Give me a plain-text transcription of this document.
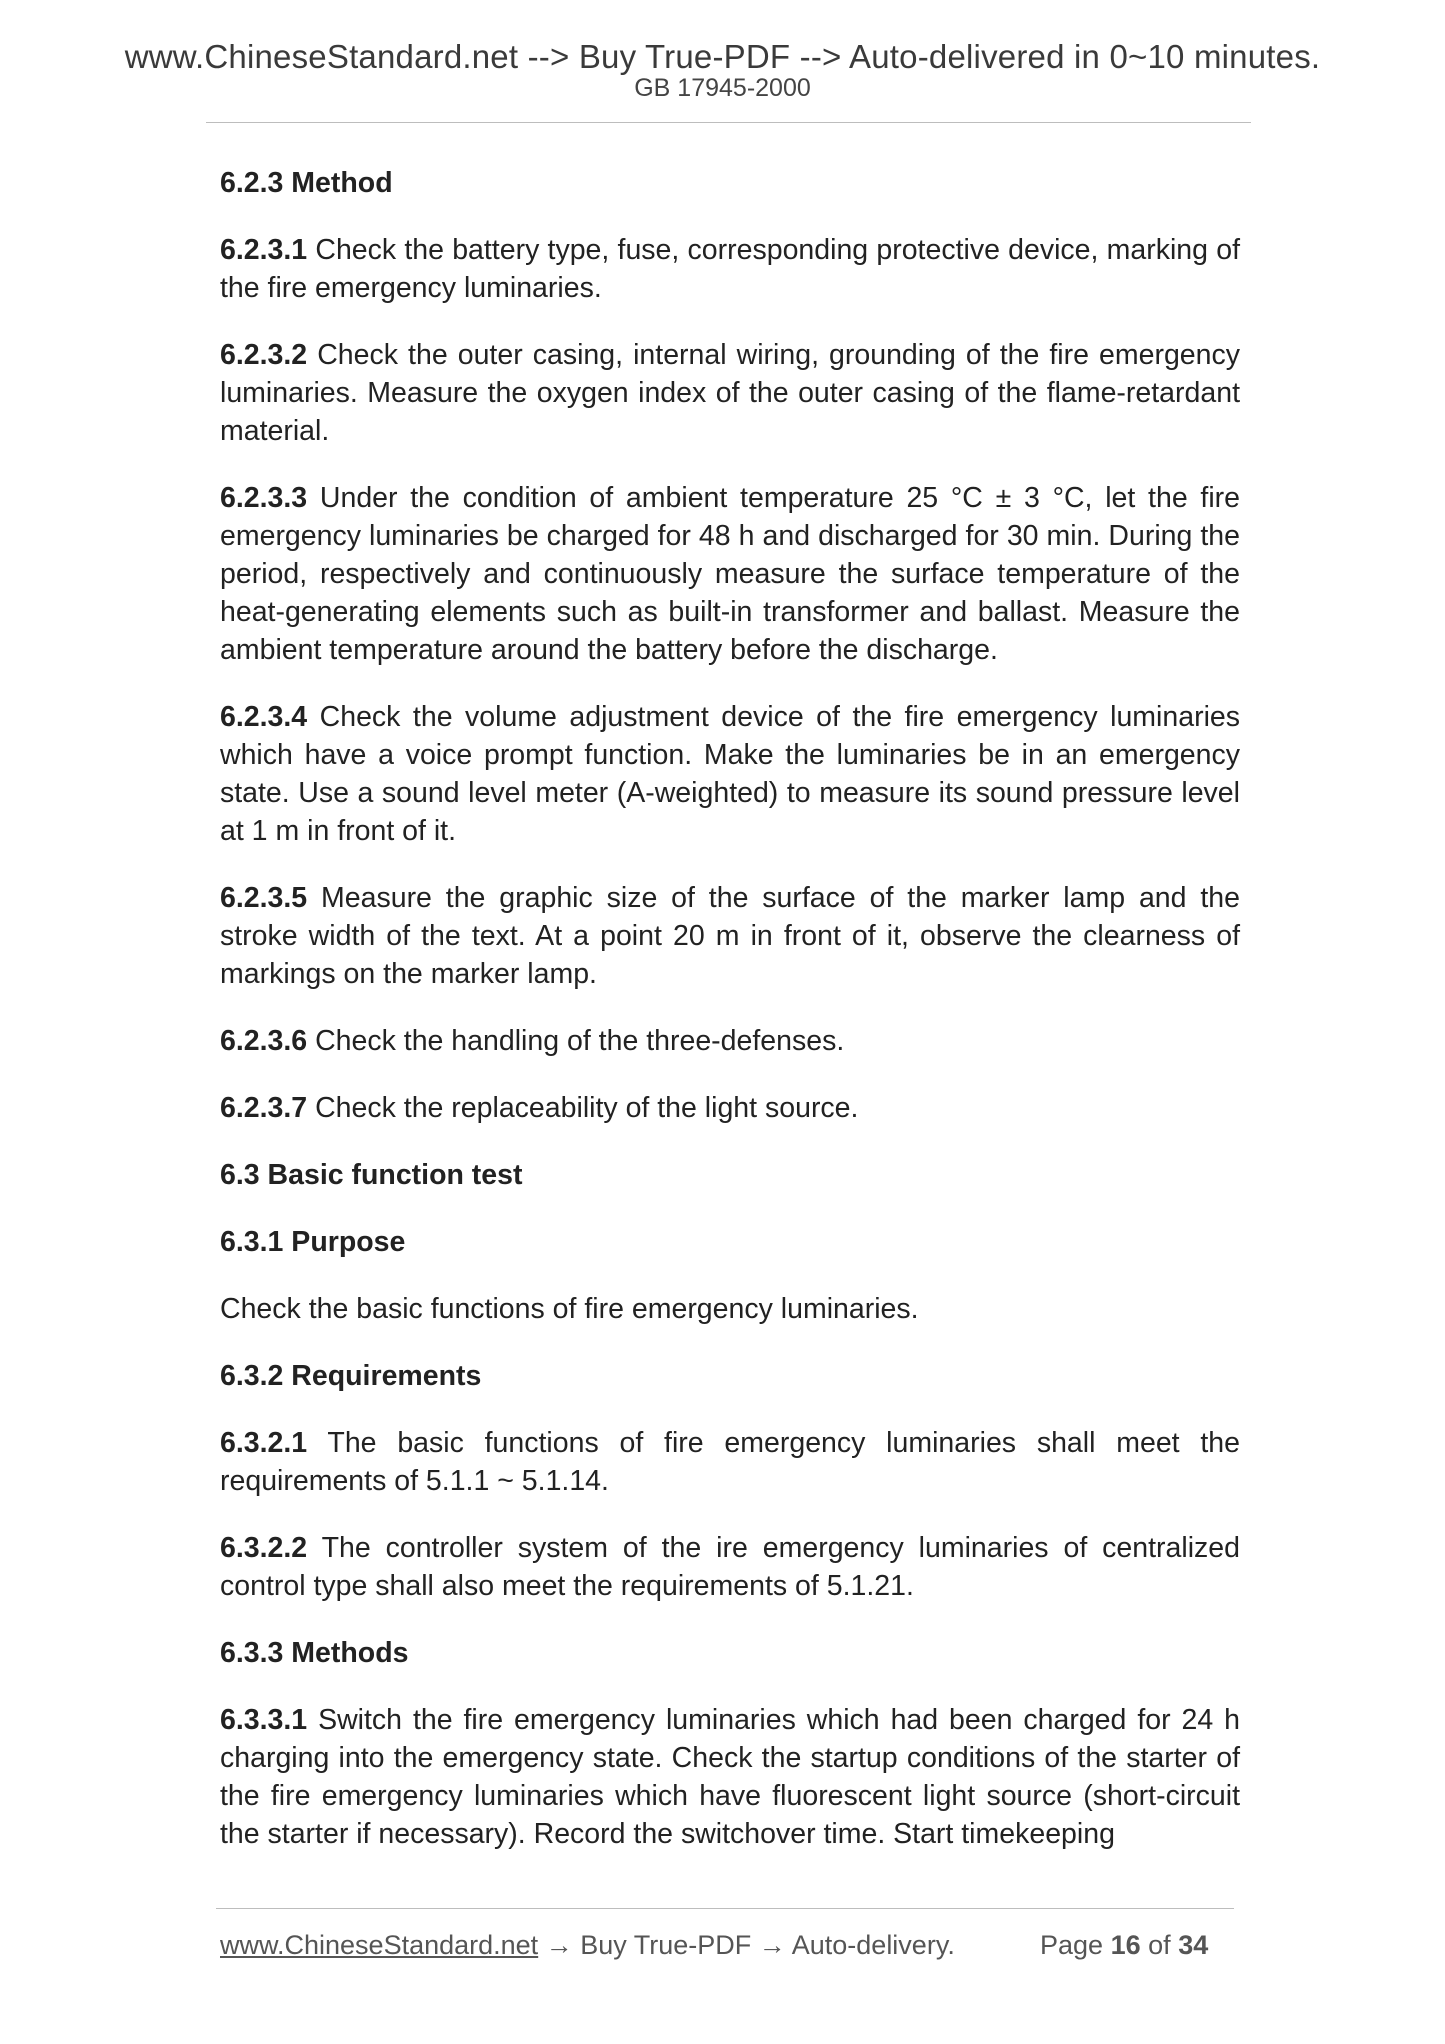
www.ChineseStandard.net --> Buy True-PDF --> Auto-delivered in 0~10 minutes.
GB 17945-2000
6.2.3 Method

6.2.3.1 Check the battery type, fuse, corresponding protective device, marking of the fire emergency luminaries.

6.2.3.2 Check the outer casing, internal wiring, grounding of the fire emergency luminaries. Measure the oxygen index of the outer casing of the flame-retardant material.

6.2.3.3 Under the condition of ambient temperature 25 °C ± 3 °C, let the fire emergency luminaries be charged for 48 h and discharged for 30 min. During the period, respectively and continuously measure the surface temperature of the heat-generating elements such as built-in transformer and ballast. Measure the ambient temperature around the battery before the discharge.

6.2.3.4 Check the volume adjustment device of the fire emergency luminaries which have a voice prompt function. Make the luminaries be in an emergency state. Use a sound level meter (A-weighted) to measure its sound pressure level at 1 m in front of it.

6.2.3.5 Measure the graphic size of the surface of the marker lamp and the stroke width of the text. At a point 20 m in front of it, observe the clearness of markings on the marker lamp.

6.2.3.6 Check the handling of the three-defenses.

6.2.3.7 Check the replaceability of the light source.

6.3 Basic function test
6.3.1 Purpose

Check the basic functions of fire emergency luminaries.

6.3.2 Requirements

6.3.2.1 The basic functions of fire emergency luminaries shall meet the requirements of 5.1.1 ~ 5.1.14.

6.3.2.2 The controller system of the ire emergency luminaries of centralized control type shall also meet the requirements of 5.1.21.

6.3.3 Methods

6.3.3.1 Switch the fire emergency luminaries which had been charged for 24 h charging into the emergency state. Check the startup conditions of the starter of the fire emergency luminaries which have fluorescent light source (short-circuit the starter if necessary). Record the switchover time. Start timekeeping

www.ChineseStandard.net → Buy True-PDF → Auto-delivery.	Page 16 of 34
